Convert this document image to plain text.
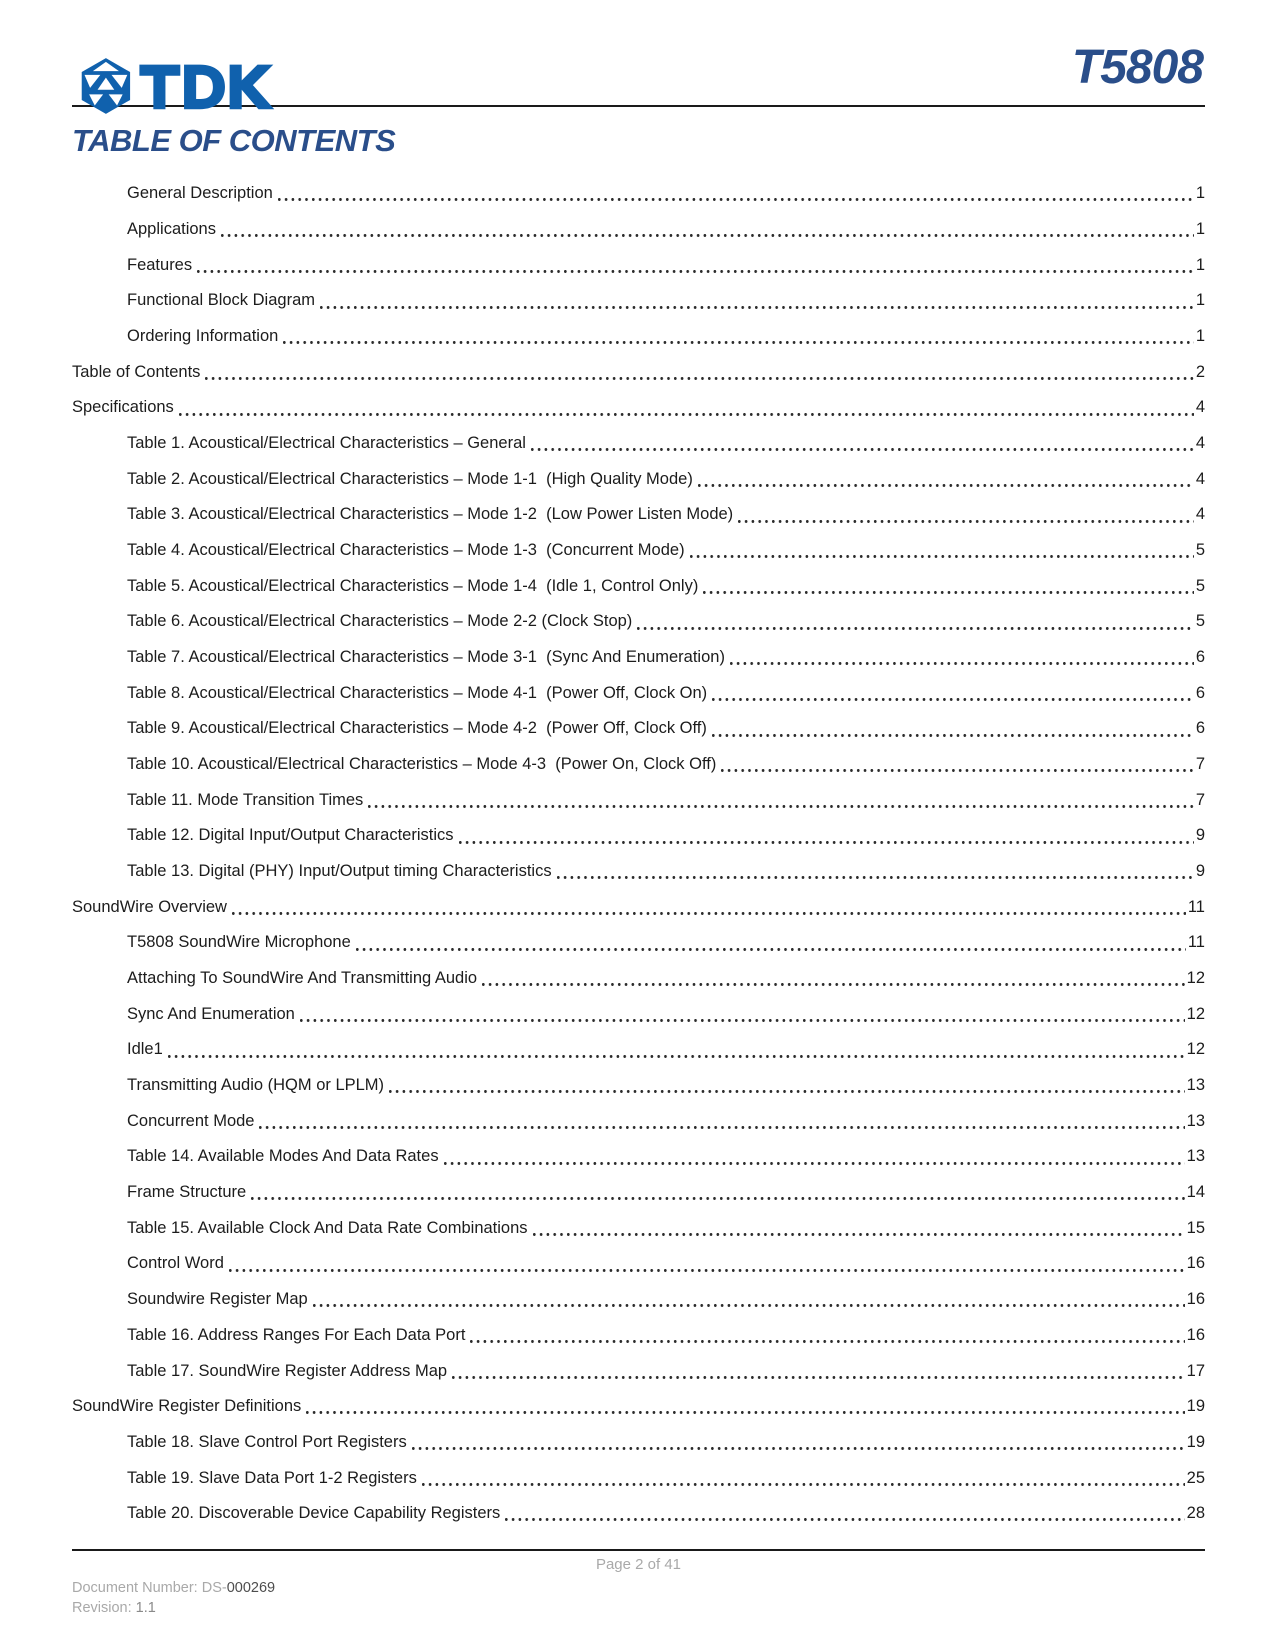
T5808
TABLE OF CONTENTS
General Description	1
Applications	1
Features	1
Functional Block Diagram	1
Ordering Information	1
Table of Contents	2
Specifications	4
Table 1. Acoustical/Electrical Characteristics – General	4
Table 2. Acoustical/Electrical Characteristics – Mode 1-1  (High Quality Mode)	4
Table 3. Acoustical/Electrical Characteristics – Mode 1-2  (Low Power Listen Mode)	4
Table 4. Acoustical/Electrical Characteristics – Mode 1-3  (Concurrent Mode)	5
Table 5. Acoustical/Electrical Characteristics – Mode 1-4  (Idle 1, Control Only)	5
Table 6. Acoustical/Electrical Characteristics – Mode 2-2 (Clock Stop)	5
Table 7. Acoustical/Electrical Characteristics – Mode 3-1  (Sync And Enumeration)	6
Table 8. Acoustical/Electrical Characteristics – Mode 4-1  (Power Off, Clock On)	6
Table 9. Acoustical/Electrical Characteristics – Mode 4-2  (Power Off, Clock Off)	6
Table 10. Acoustical/Electrical Characteristics – Mode 4-3  (Power On, Clock Off)	7
Table 11. Mode Transition Times	7
Table 12. Digital Input/Output Characteristics	9
Table 13. Digital (PHY) Input/Output timing Characteristics	9
SoundWire Overview	11
T5808 SoundWire Microphone	11
Attaching To SoundWire And Transmitting Audio	12
Sync And Enumeration	12
Idle1	12
Transmitting Audio (HQM or LPLM)	13
Concurrent Mode	13
Table 14. Available Modes And Data Rates	13
Frame Structure	14
Table 15. Available Clock And Data Rate Combinations	15
Control Word	16
Soundwire Register Map	16
Table 16. Address Ranges For Each Data Port	16
Table 17. SoundWire Register Address Map	17
SoundWire Register Definitions	19
Table 18. Slave Control Port Registers	19
Table 19. Slave Data Port 1-2 Registers	25
Table 20. Discoverable Device Capability Registers	28
Page 2 of 41
Document Number: DS-000269
Revision: 1.1
